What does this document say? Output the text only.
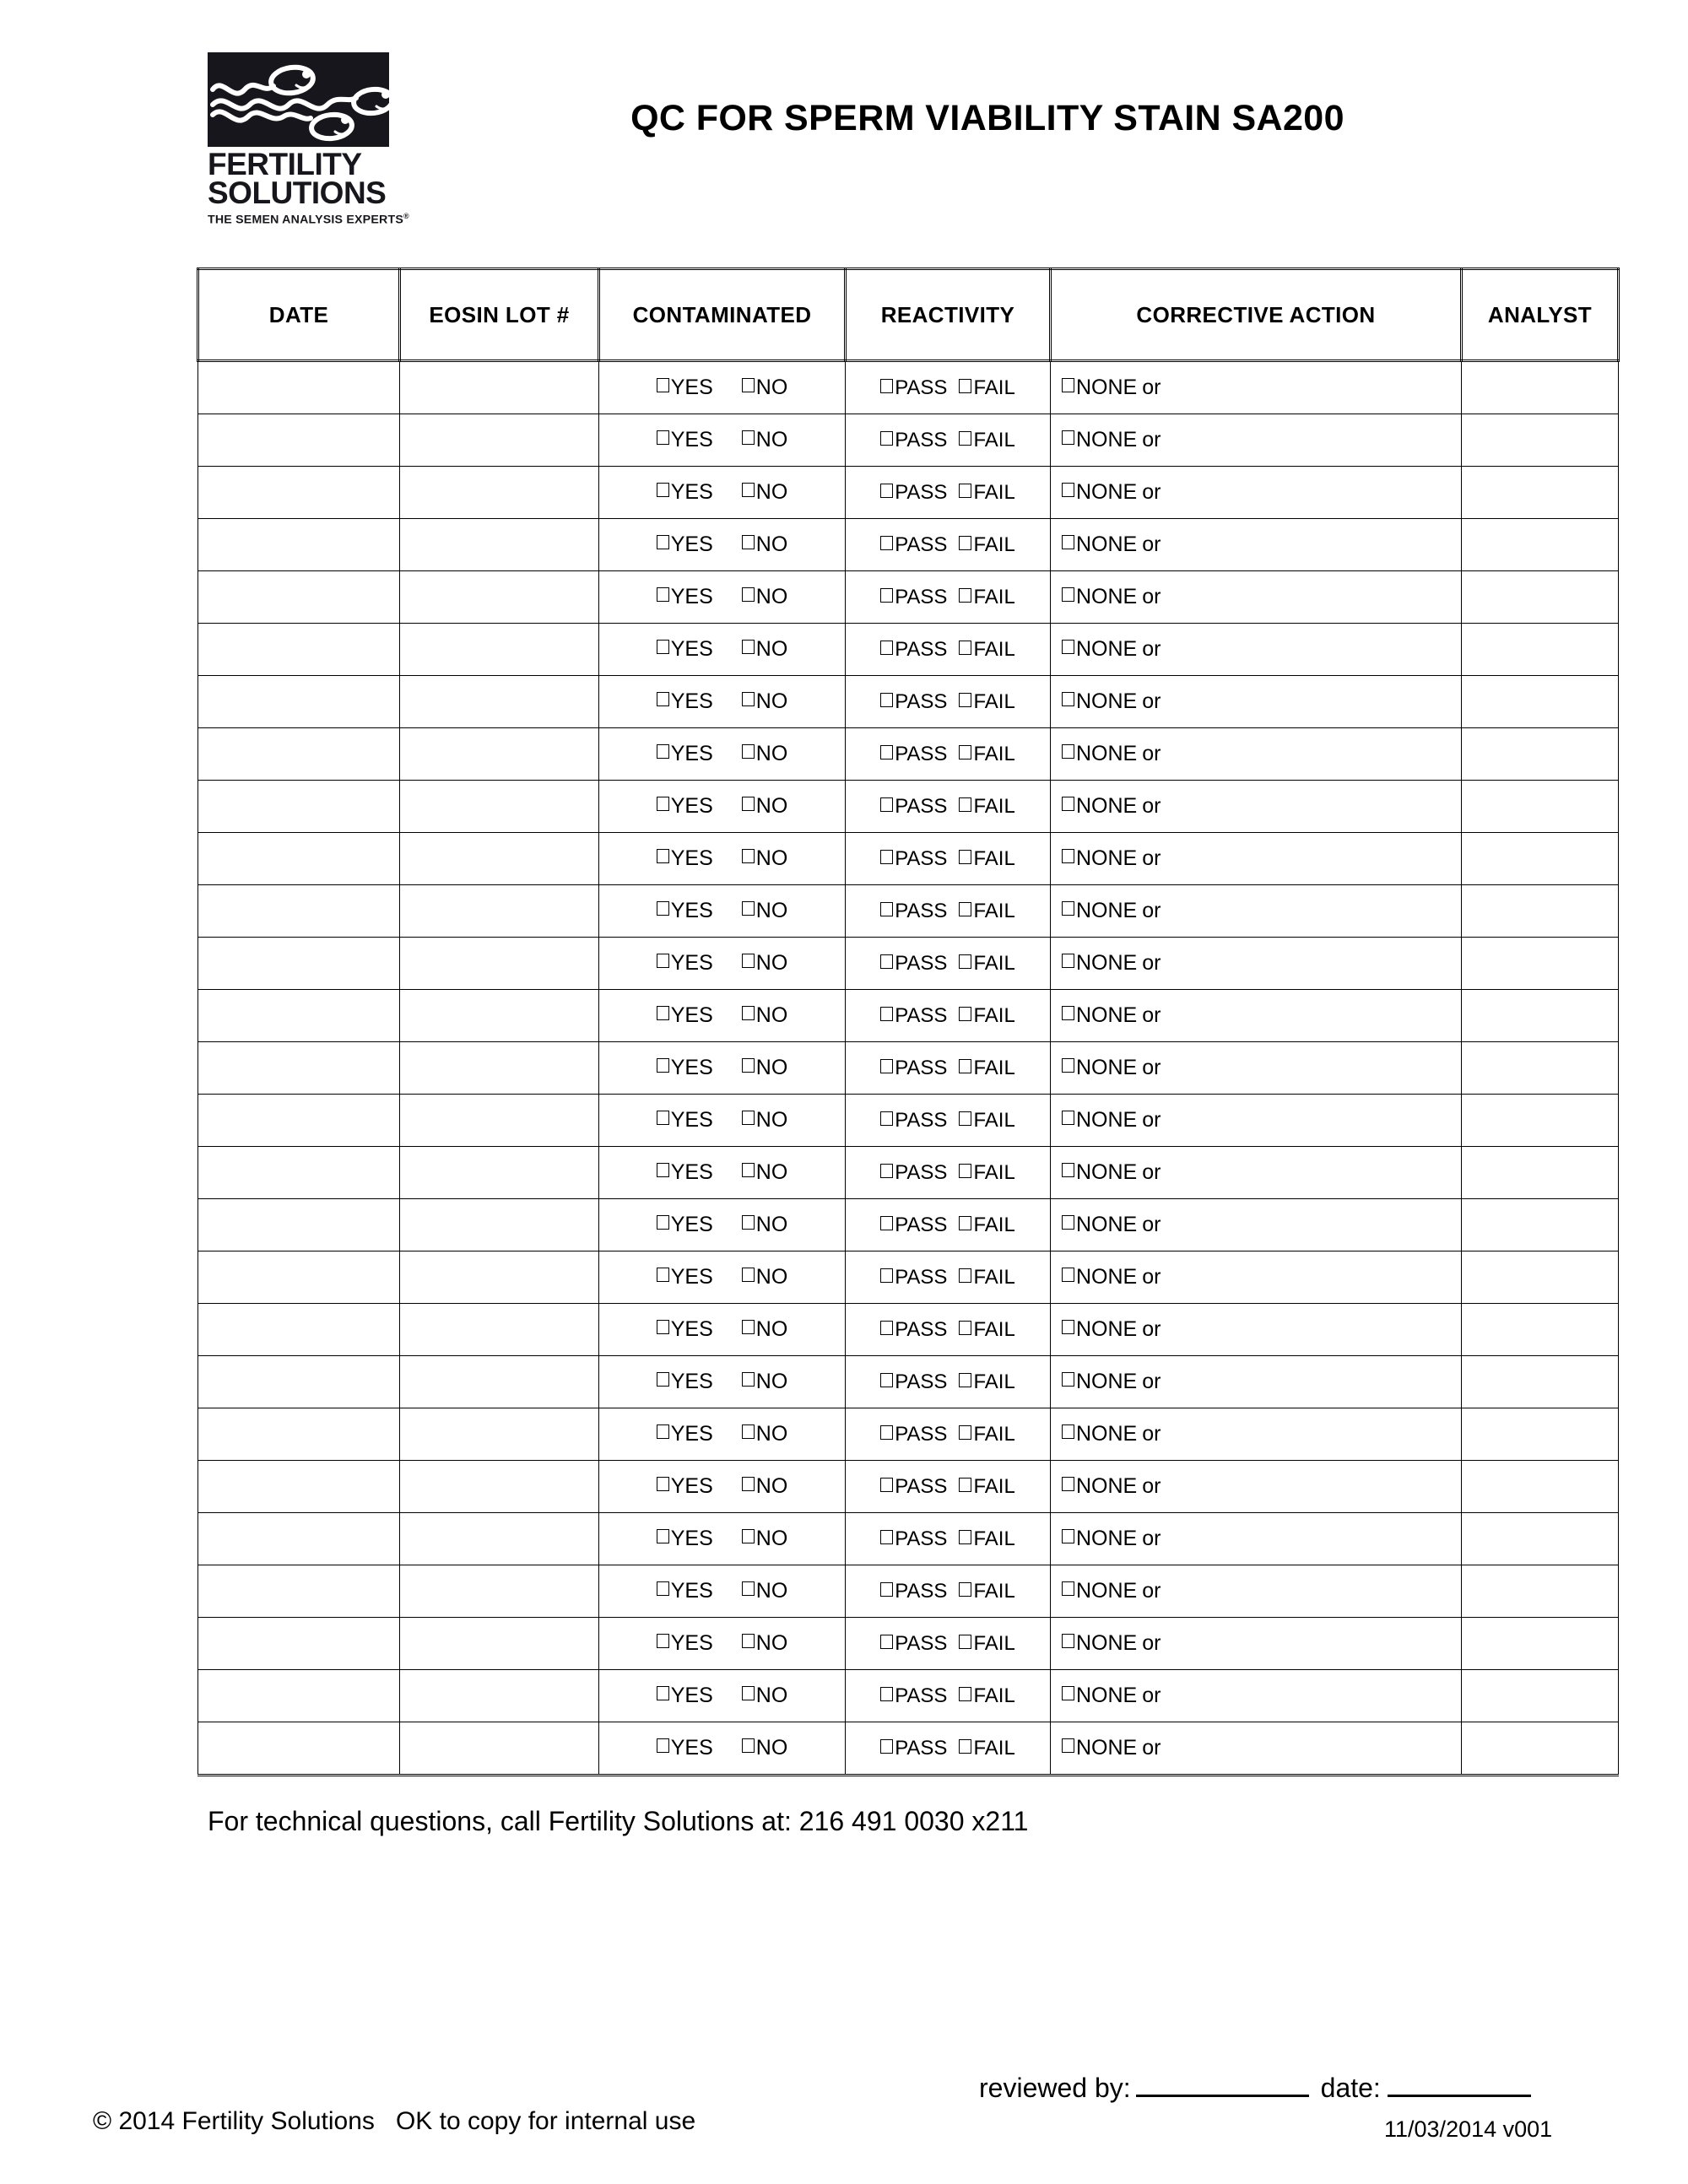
FERTILITY
SOLUTIONS
THE SEMEN ANALYSIS EXPERTS®
QC FOR SPERM VIABILITY STAIN SA200
DATE	EOSIN LOT #	CONTAMINATED	REACTIVITY	CORRECTIVE ACTION	ANALYST

		YES NO	PASS FAIL	NONE or	

		YES NO	PASS FAIL	NONE or	

		YES NO	PASS FAIL	NONE or	

		YES NO	PASS FAIL	NONE or	

		YES NO	PASS FAIL	NONE or	

		YES NO	PASS FAIL	NONE or	

		YES NO	PASS FAIL	NONE or	

		YES NO	PASS FAIL	NONE or	

		YES NO	PASS FAIL	NONE or	

		YES NO	PASS FAIL	NONE or	

		YES NO	PASS FAIL	NONE or	

		YES NO	PASS FAIL	NONE or	

		YES NO	PASS FAIL	NONE or	

		YES NO	PASS FAIL	NONE or	

		YES NO	PASS FAIL	NONE or	

		YES NO	PASS FAIL	NONE or	

		YES NO	PASS FAIL	NONE or	

		YES NO	PASS FAIL	NONE or	

		YES NO	PASS FAIL	NONE or	

		YES NO	PASS FAIL	NONE or	

		YES NO	PASS FAIL	NONE or	

		YES NO	PASS FAIL	NONE or	

		YES NO	PASS FAIL	NONE or	

		YES NO	PASS FAIL	NONE or	

		YES NO	PASS FAIL	NONE or	

		YES NO	PASS FAIL	NONE or	

		YES NO	PASS FAIL	NONE or	

For technical questions, call Fertility Solutions at: 216 491 0030 x211
reviewed by:	date:
11/03/2014 v001
© 2014 Fertility Solutions OK to copy for internal use
